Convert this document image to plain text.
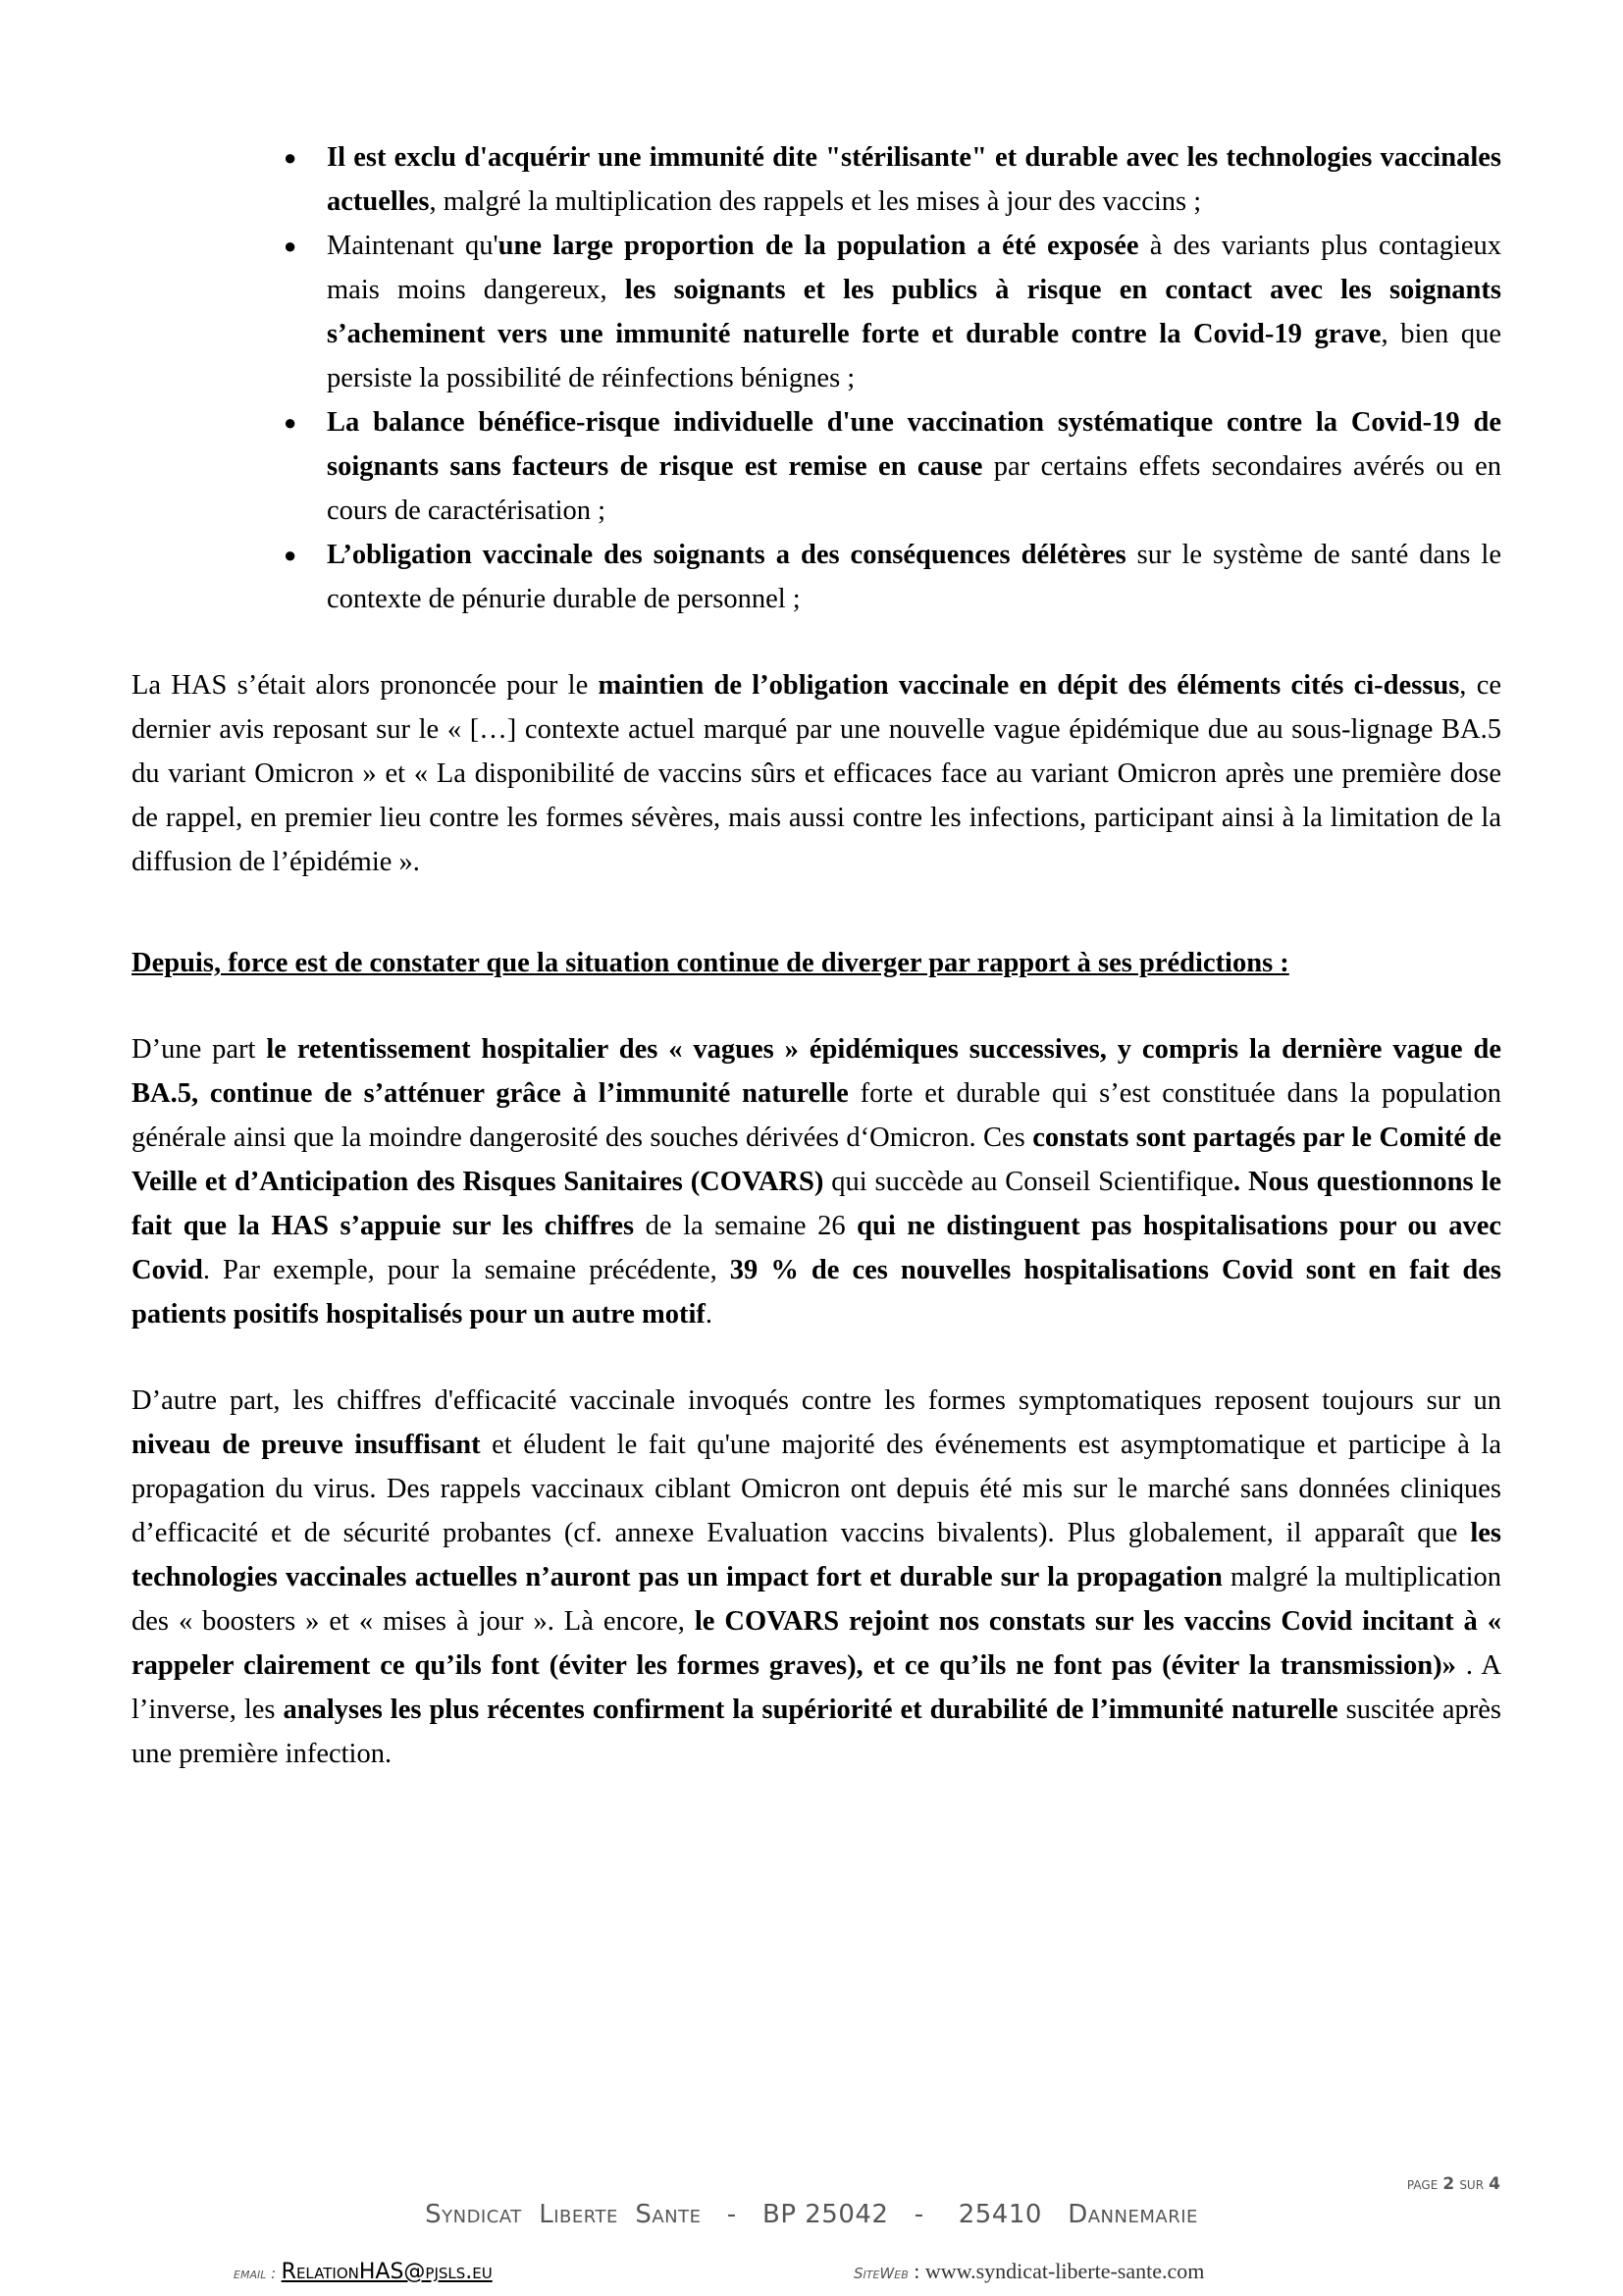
● Il est exclu d'acquérir une immunité dite "stérilisante" et durable avec les technologies vaccinales actuelles, malgré la multiplication des rappels et les mises à jour des vaccins ;
● Maintenant qu'une large proportion de la population a été exposée à des variants plus contagieux mais moins dangereux, les soignants et les publics à risque en contact avec les soignants s’acheminent vers une immunité naturelle forte et durable contre la Covid-19 grave, bien que persiste la possibilité de réinfections bénignes ;
● La balance bénéfice-risque individuelle d'une vaccination systématique contre la Covid-19 de soignants sans facteurs de risque est remise en cause par certains effets secondaires avérés ou en cours de caractérisation ;
● L’obligation vaccinale des soignants a des conséquences délétères sur le système de santé dans le contexte de pénurie durable de personnel ;

La HAS s’était alors prononcée pour le maintien de l’obligation vaccinale en dépit des éléments cités ci-dessus, ce dernier avis reposant sur le « […] contexte actuel marqué par une nouvelle vague épidémique due au sous-lignage BA.5 du variant Omicron » et « La disponibilité de vaccins sûrs et efficaces face au variant Omicron après une première dose de rappel, en premier lieu contre les formes sévères, mais aussi contre les infections, participant ainsi à la limitation de la diffusion de l’épidémie ».

Depuis, force est de constater que la situation continue de diverger par rapport à ses prédictions :

D’une part le retentissement hospitalier des « vagues » épidémiques successives, y compris la dernière vague de BA.5, continue de s’atténuer grâce à l’immunité naturelle forte et durable qui s’est constituée dans la population générale ainsi que la moindre dangerosité des souches dérivées d‘Omicron. Ces constats sont partagés par le Comité de Veille et d’Anticipation des Risques Sanitaires (COVARS) qui succède au Conseil Scientifique. Nous questionnons le fait que la HAS s’appuie sur les chiffres de la semaine 26 qui ne distinguent pas hospitalisations pour ou avec Covid. Par exemple, pour la semaine précédente, 39 % de ces nouvelles hospitalisations Covid sont en fait des patients positifs hospitalisés pour un autre motif.

D’autre part, les chiffres d'efficacité vaccinale invoqués contre les formes symptomatiques reposent toujours sur un niveau de preuve insuffisant et éludent le fait qu'une majorité des événements est asymptomatique et participe à la propagation du virus. Des rappels vaccinaux ciblant Omicron ont depuis été mis sur le marché sans données cliniques d’efficacité et de sécurité probantes (cf. annexe Evaluation vaccins bivalents). Plus globalement, il apparaît que les technologies vaccinales actuelles n’auront pas un impact fort et durable sur la propagation malgré la multiplication des « boosters » et « mises à jour ». Là encore, le COVARS rejoint nos constats sur les vaccins Covid incitant à « rappeler clairement ce qu’ils font (éviter les formes graves), et ce qu’ils ne font pas (éviter la transmission)» . A l’inverse, les analyses les plus récentes confirment la supériorité et durabilité de l’immunité naturelle suscitée après une première infection.

PAGE 2 SUR 4
Syndicat  Liberte  Sante   -   BP 25042   -    25410   Dannemarie
email : RelationHAS@pjsls.eu	SiteWeb : www.syndicat-liberte-sante.com
